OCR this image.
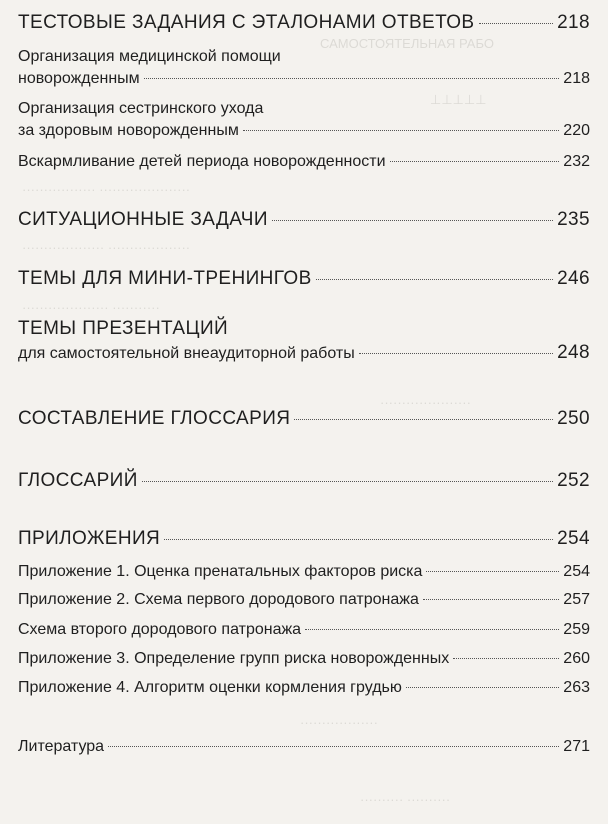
САМОСТОЯТЕЛЬНАЯ РАБО
⊥⊥⊥⊥⊥
················· ·····················
··················· ···················
···················· ···········
·····················
··················
·········· ··········
ТЕСТОВЫЕ ЗАДАНИЯ С ЭТАЛОНАМИ ОТВЕТОВ	218
Организация медицинской помощи
новорожденным	218
Организация сестринского ухода
за здоровым новорожденным	220
Вскармливание детей периода новорожденности	232
СИТУАЦИОННЫЕ ЗАДАЧИ	235
ТЕМЫ ДЛЯ МИНИ-ТРЕНИНГОВ	246
ТЕМЫ ПРЕЗЕНТАЦИЙ
для самостоятельной внеаудиторной работы	248
СОСТАВЛЕНИЕ ГЛОССАРИЯ	250
ГЛОССАРИЙ	252
ПРИЛОЖЕНИЯ	254
Приложение 1. Оценка пренатальных факторов риска	254
Приложение 2. Схема первого дородового патронажа	257
Схема второго дородового патронажа	259
Приложение 3. Определение групп риска новорожденных	260
Приложение 4. Алгоритм оценки кормления грудью	263
Литература	271
